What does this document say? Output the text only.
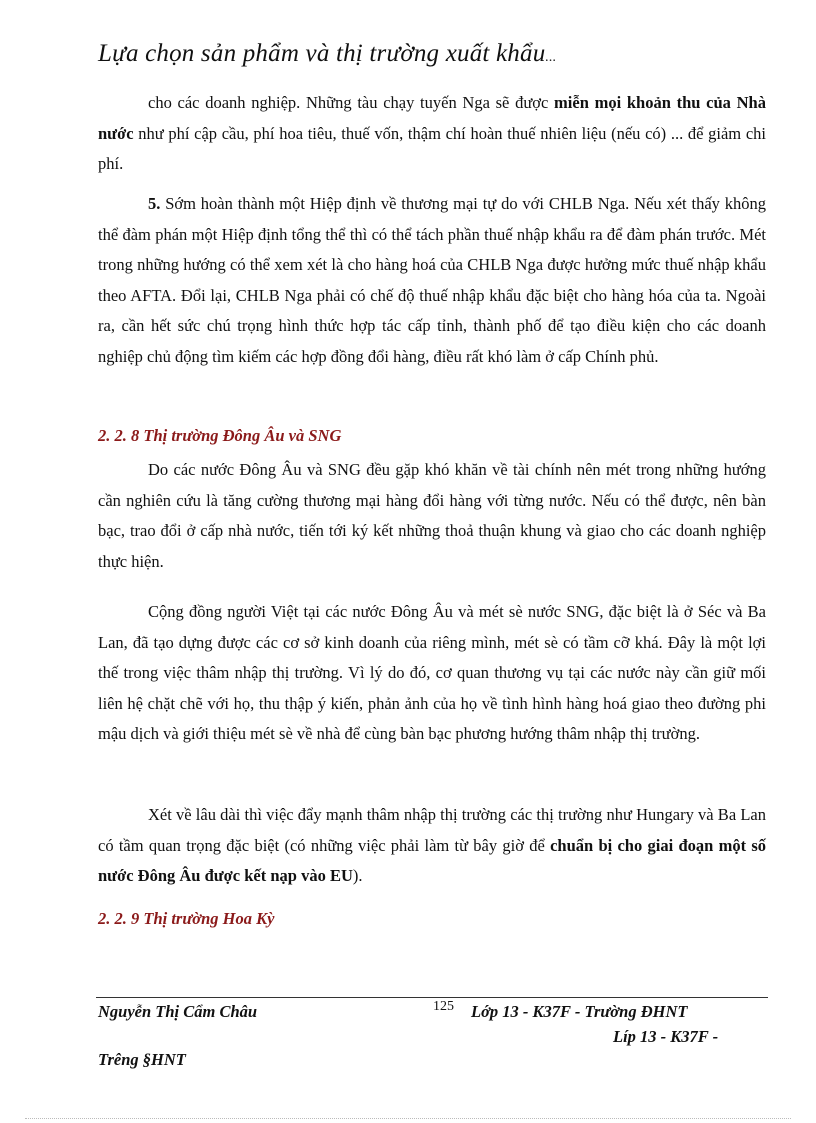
Lựa chọn sản phẩm và thị trường xuất khẩu...

cho các doanh nghiệp. Những tàu chạy tuyến Nga sẽ được miễn mọi khoản thu của Nhà nước như phí cập cầu, phí hoa tiêu, thuế vốn, thậm chí hoàn thuế nhiên liệu (nếu có) ... để giảm chi phí.

5. Sớm hoàn thành một Hiệp định về thương mại tự do với CHLB Nga. Nếu xét thấy không thể đàm phán một Hiệp định tổng thể thì có thể tách phần thuế nhập khẩu ra để đàm phán trước. Mét trong những hướng có thể xem xét là cho hàng hoá của CHLB Nga được hưởng mức thuế nhập khẩu theo AFTA. Đổi lại, CHLB Nga phải có chế độ thuế nhập khẩu đặc biệt cho hàng hóa của ta. Ngoài ra, cần hết sức chú trọng hình thức hợp tác cấp tỉnh, thành phố để tạo điều kiện cho các doanh nghiệp chủ động tìm kiếm các hợp đồng đổi hàng, điều rất khó làm ở cấp Chính phủ.

2. 2. 8 Thị trường Đông Âu và SNG

Do các nước Đông Âu và SNG đều gặp khó khăn về tài chính nên mét trong những hướng cần nghiên cứu là tăng cường thương mại hàng đổi hàng với từng nước. Nếu có thể được, nên bàn bạc, trao đổi ở cấp nhà nước, tiến tới ký kết những thoả thuận khung và giao cho các doanh nghiệp thực hiện.

Cộng đồng người Việt tại các nước Đông Âu và mét sè nước SNG, đặc biệt là ở Séc và Ba Lan, đã tạo dựng được các cơ sở kinh doanh của riêng mình, mét sè có tầm cỡ khá. Đây là một lợi thế trong việc thâm nhập thị trường. Vì lý do đó, cơ quan thương vụ tại các nước này cần giữ mối liên hệ chặt chẽ với họ, thu thập ý kiến, phản ảnh của họ về tình hình hàng hoá giao theo đường phi mậu dịch và giới thiệu mét sè về nhà để cùng bàn bạc phương hướng thâm nhập thị trường.

Xét về lâu dài thì việc đẩy mạnh thâm nhập thị trường các thị trường như Hungary và Ba Lan có tầm quan trọng đặc biệt (có những việc phải làm từ bây giờ để chuẩn bị cho giai đoạn một số nước Đông Âu được kết nạp vào EU).

2. 2. 9 Thị trường Hoa Kỳ

Nguyễn Thị Cẩm Châu	125 Lớp 13 - K37F - Trường ĐHNT

Líp 13 - K37F -

Trêng §HNT
